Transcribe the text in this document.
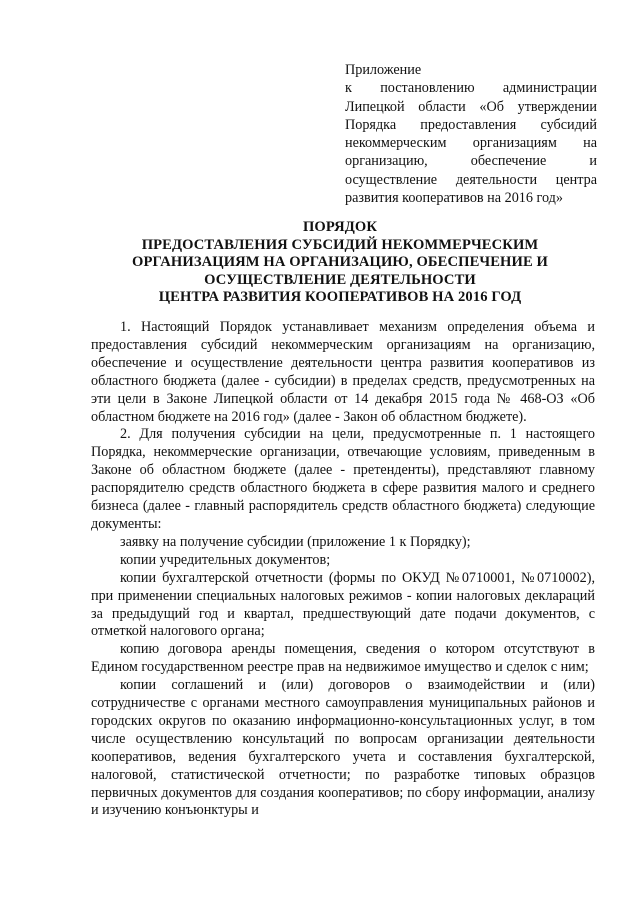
Приложение
к постановлению администрации Липецкой области «Об утверждении Порядка предоставления субсидий некоммерческим организациям на организацию, обеспечение и осуществление деятельности центра развития кооперативов на 2016 год»
ПОРЯДОК
ПРЕДОСТАВЛЕНИЯ СУБСИДИЙ НЕКОММЕРЧЕСКИМ
ОРГАНИЗАЦИЯМ НА ОРГАНИЗАЦИЮ, ОБЕСПЕЧЕНИЕ И
ОСУЩЕСТВЛЕНИЕ ДЕЯТЕЛЬНОСТИ
ЦЕНТРА РАЗВИТИЯ КООПЕРАТИВОВ НА 2016 ГОД

1. Настоящий Порядок устанавливает механизм определения объема и предоставления субсидий некоммерческим организациям на организацию, обеспечение и осуществление деятельности центра развития кооперативов из областного бюджета (далее - субсидии) в пределах средств, предусмотренных на эти цели в Законе Липецкой области от 14 декабря 2015 года № 468-ОЗ «Об областном бюджете на 2016 год» (далее - Закон об областном бюджете).

2. Для получения субсидии на цели, предусмотренные п. 1 настоящего Порядка, некоммерческие организации, отвечающие условиям, приведенным в Законе об областном бюджете (далее - претенденты), представляют главному распорядителю средств областного бюджета в сфере развития малого и среднего бизнеса (далее - главный распорядитель средств областного бюджета) следующие документы:

заявку на получение субсидии (приложение 1 к Порядку);

копии учредительных документов;

копии бухгалтерской отчетности (формы по ОКУД №0710001, №0710002), при применении специальных налоговых режимов - копии налоговых деклараций за предыдущий год и квартал, предшествующий дате подачи документов, с отметкой налогового органа;

копию договора аренды помещения, сведения о котором отсутствуют в Едином государственном реестре прав на недвижимое имущество и сделок с ним;

копии соглашений и (или) договоров о взаимодействии и (или) сотрудничестве с органами местного самоуправления муниципальных районов и городских округов по оказанию информационно-консультационных услуг, в том числе осуществлению консультаций по вопросам организации деятельности кооперативов, ведения бухгалтерского учета и составления бухгалтерской, налоговой, статистической отчетности; по разработке типовых образцов первичных документов для создания кооперативов; по сбору информации, анализу и изучению конъюнктуры и
